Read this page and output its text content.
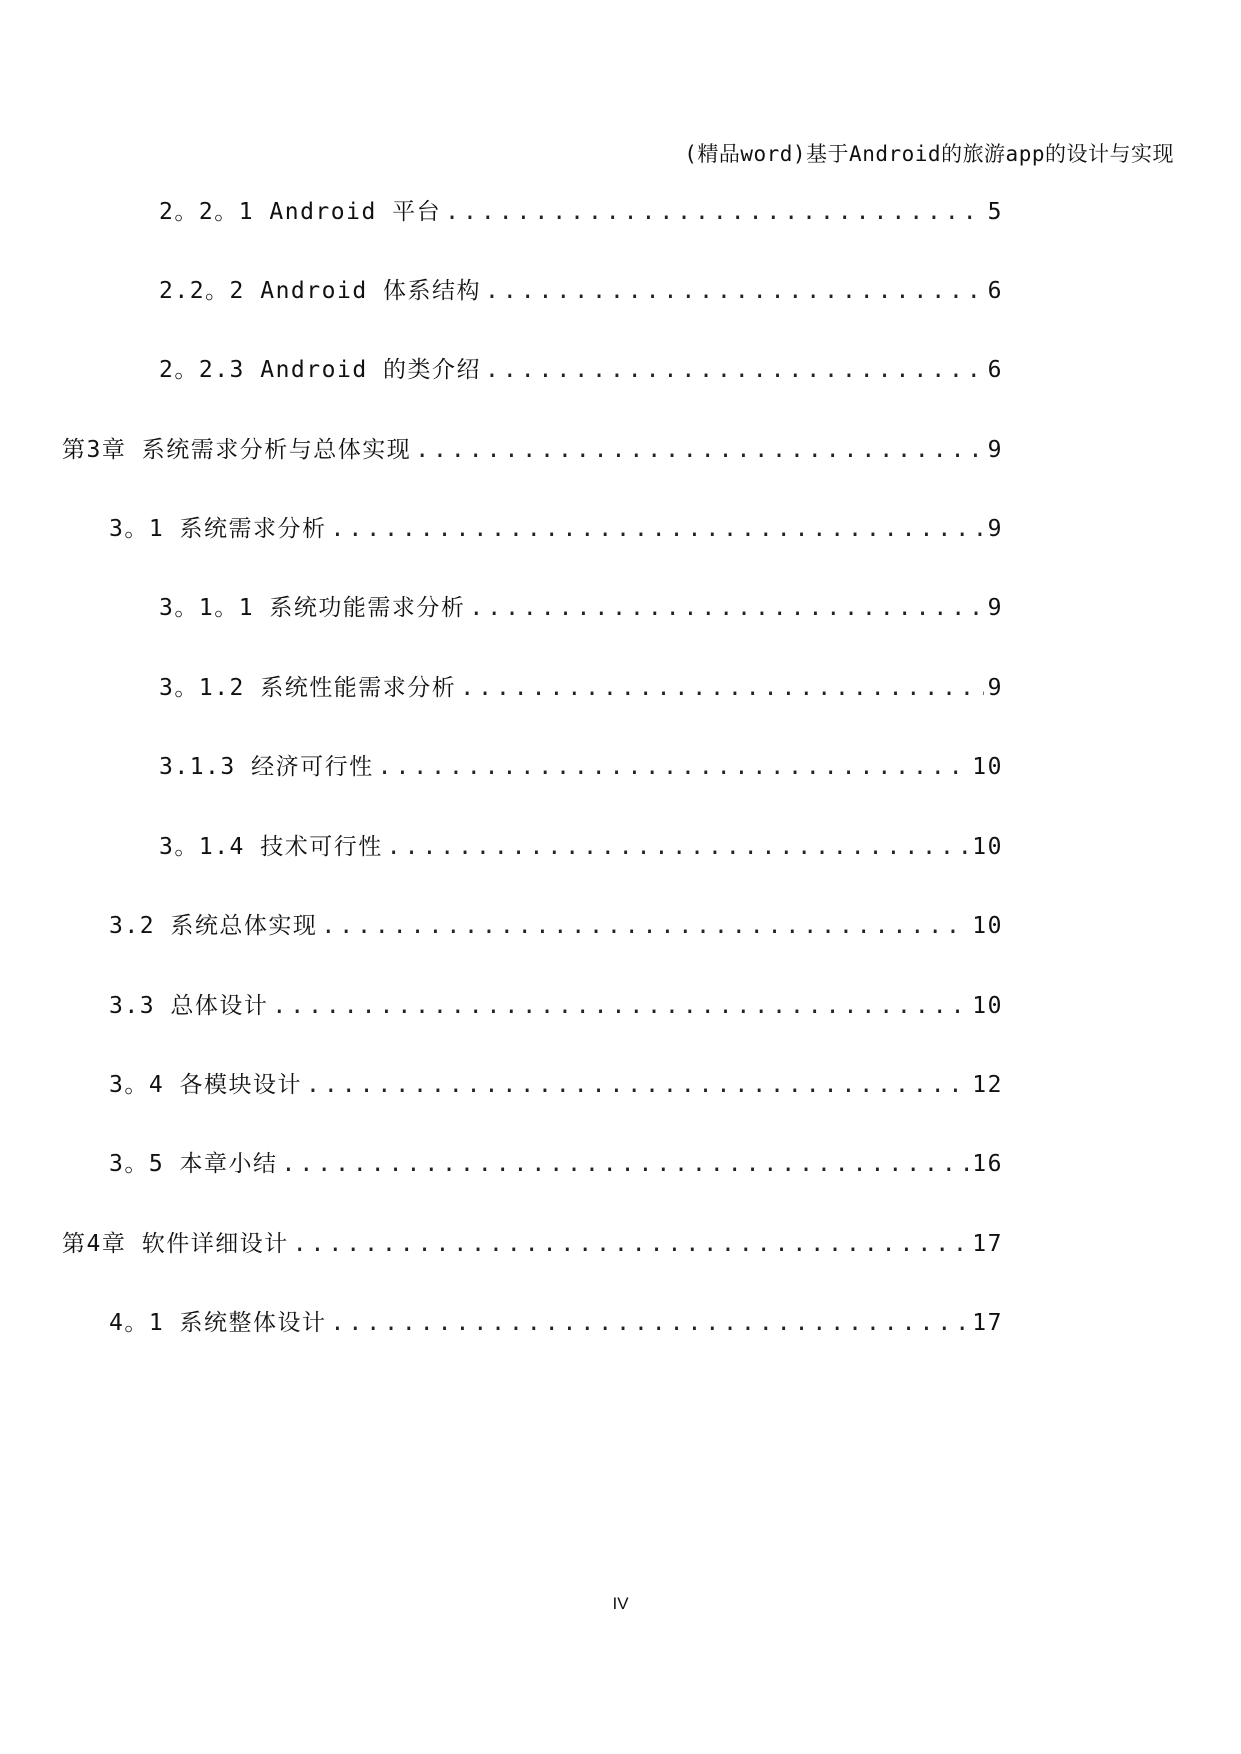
(精品word)基于Android的旅游app的设计与实现
2。2。1 Android 平台 .....	5
2.2。2 Android 体系结构 .....	6
2。2.3 Android 的类介绍 .....	6
第3章 系统需求分析与总体实现 .....	9
3。1 系统需求分析 .....	9
3。1。1 系统功能需求分析 .....	9
3。1.2 系统性能需求分析 .....	9
3.1.3 经济可行性 .....	10
3。1.4 技术可行性 .....	10
3.2 系统总体实现 .....	10
3.3 总体设计 .....	10
3。4 各模块设计 .....	12
3。5 本章小结 .....	16
第4章 软件详细设计 .....	17
4。1 系统整体设计 .....	17
IV
